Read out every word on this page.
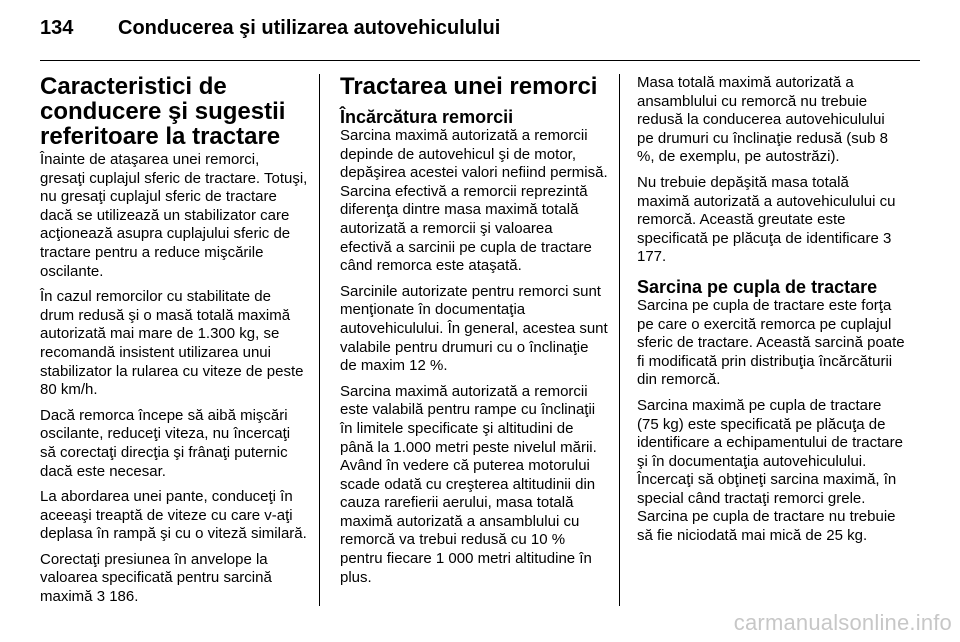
134	Conducerea şi utilizarea autovehiculului
Caracteristici de conducere şi sugestii referitoare la tractare

Înainte de ataşarea unei remorci, gresaţi cuplajul sferic de tractare. Totuşi, nu gresaţi cuplajul sferic de tractare dacă se utilizează un stabilizator care acţionează asupra cuplajului sferic de tractare pentru a reduce mişcările oscilante.

În cazul remorcilor cu stabilitate de drum redusă şi o masă totală maximă autorizată mai mare de 1.300 kg, se recomandă insistent utilizarea unui stabilizator la rularea cu viteze de peste 80 km/h.

Dacă remorca începe să aibă mişcări oscilante, reduceţi viteza, nu încercaţi să corectaţi direcţia şi frânaţi puternic dacă este necesar.

La abordarea unei pante, conduceţi în aceeaşi treaptă de viteze cu care v-aţi deplasa în rampă şi cu o viteză similară.

Corectaţi presiunea în anvelope la valoarea specificată pentru sarcină maximă 3 186.

Tractarea unei remorci
Încărcătura remorcii

Sarcina maximă autorizată a remorcii depinde de autovehicul şi de motor, depăşirea acestei valori nefiind permisă. Sarcina efectivă a remorcii reprezintă diferenţa dintre masa maximă totală autorizată a remorcii şi valoarea efectivă a sarcinii pe cupla de tractare când remorca este ataşată.

Sarcinile autorizate pentru remorci sunt menţionate în documentaţia autovehiculului. În general, acestea sunt valabile pentru drumuri cu o înclinaţie de maxim 12 %.

Sarcina maximă autorizată a remorcii este valabilă pentru rampe cu înclinaţii în limitele specificate şi altitudini de până la 1.000 metri peste nivelul mării. Având în vedere că puterea motorului scade odată cu creşterea altitudinii din cauza rarefierii aerului, masa totală maximă autorizată a ansamblului cu remorcă va trebui redusă cu 10 % pentru fiecare 1 000 metri altitudine în plus.

Masa totală maximă autorizată a ansamblului cu remorcă nu trebuie redusă la conducerea autovehiculului pe drumuri cu înclinaţie redusă (sub 8 %, de exemplu, pe autostrăzi).

Nu trebuie depăşită masa totală maximă autorizată a autovehiculului cu remorcă. Această greutate este specificată pe plăcuţa de identificare 3 177.

Sarcina pe cupla de tractare

Sarcina pe cupla de tractare este forţa pe care o exercită remorca pe cuplajul sferic de tractare. Această sarcină poate fi modificată prin distribuţia încărcăturii din remorcă.

Sarcina maximă pe cupla de tractare (75 kg) este specificată pe plăcuţa de identificare a echipamentului de tractare şi în documentaţia autovehiculului. Încercaţi să obţineţi sarcina maximă, în special când tractaţi remorci grele. Sarcina pe cupla de tractare nu trebuie să fie niciodată mai mică de 25 kg.

carmanualsonline.info
